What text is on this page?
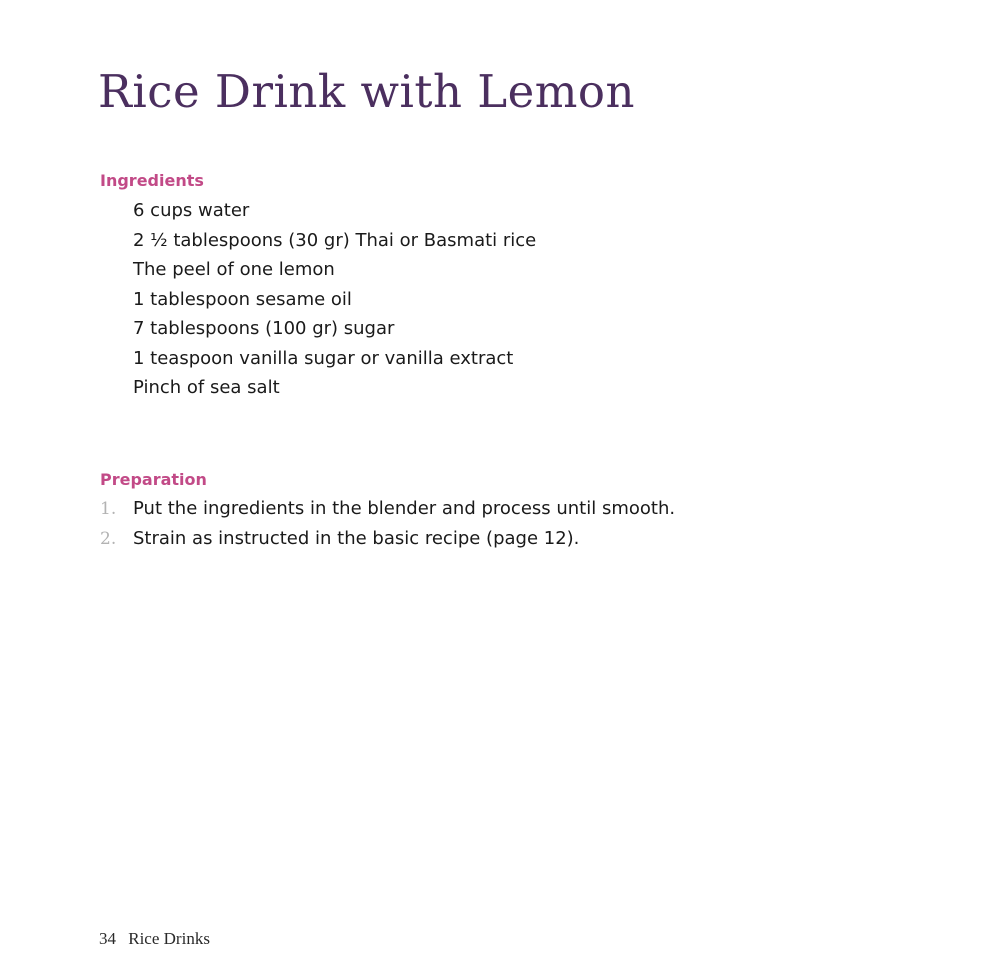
Rice Drink with Lemon
Ingredients
6 cups water
2 ½ tablespoons (30 gr) Thai or Basmati rice
The peel of one lemon
1 tablespoon sesame oil
7 tablespoons (100 gr) sugar
1 teaspoon vanilla sugar or vanilla extract
Pinch of sea salt
Preparation
1. Put the ingredients in the blender and process until smooth.
2. Strain as instructed in the basic recipe (page 12).
34 Rice Drinks
